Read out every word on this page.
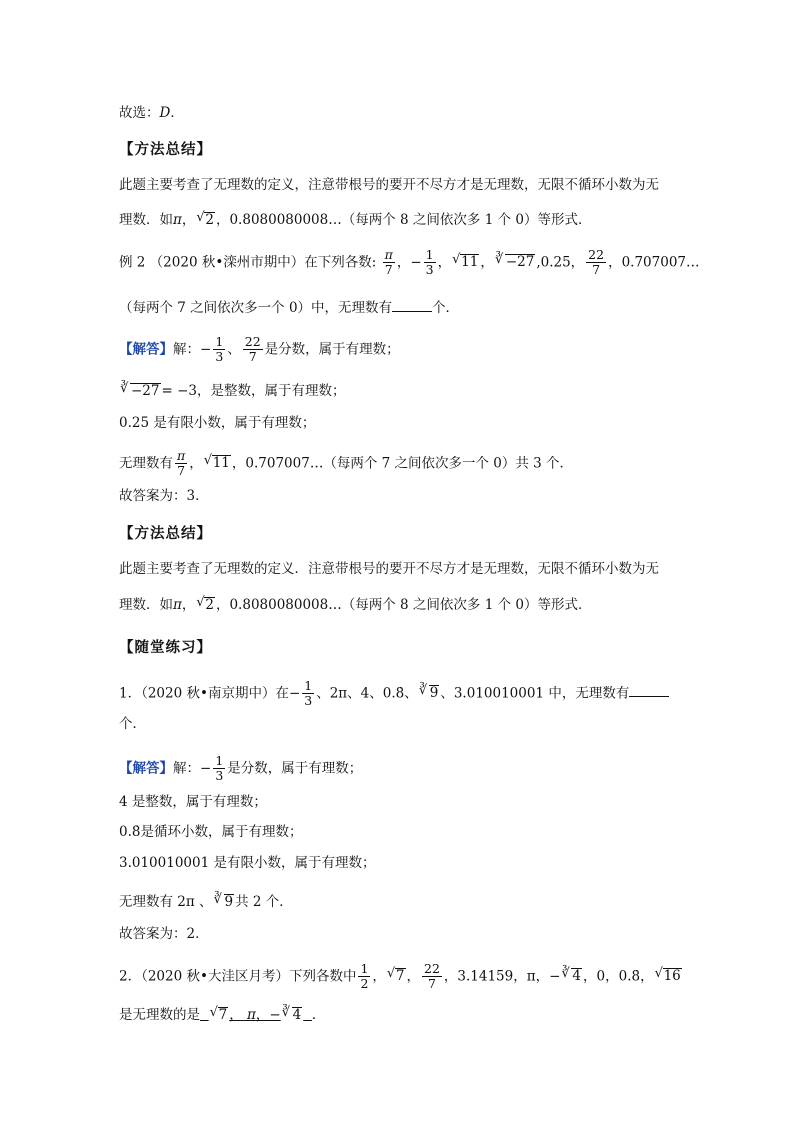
故选：D．
【方法总结】
此题主要考查了无理数的定义，注意带根号的要开不尽方才是无理数，无限不循环小数为无
理数．如π， √ 2 ，0.8080080008…（每两个 8 之间依次多 1 个 0）等形式．
例 2 （2020 秋•滦州市期中）在下列各数: $\frac{\pi}{7}$ ，− $\frac{1}{3}$ ， √ 11 ， ∛ −27 ,0.25， $\frac{22}{7}$ ，0.707007…
（每两个 7 之间依次多一个 0）中，无理数有	个．
【解答】解：− $\frac{1}{3}$ 、 $\frac{22}{7}$ 是分数，属于有理数；
∛ −27 = −3，是整数，属于有理数；
0.25 是有限小数，属于有理数；
无理数有 $\frac{\pi}{7}$ ， √ 11 ，0.707007…（每两个 7 之间依次多一个 0）共 3 个．
故答案为：3．
【方法总结】
此题主要考查了无理数的定义．注意带根号的要开不尽方才是无理数，无限不循环小数为无
理数．如π， √ 2 ，0.8080080008…（每两个 8 之间依次多 1 个 0）等形式．
【随堂练习】
1．（2020 秋•南京期中）在− $\frac{1}{3}$ 、2π、4、0.8̇、 ∛ 9 、3.010010001 中，无理数有
个．
【解答】解：− $\frac{1}{3}$ 是分数，属于有理数；
4 是整数，属于有理数；
0.8̇是循环小数，属于有理数；
3.010010001 是有限小数，属于有理数；
无理数有 2π 、 ∛ 9 共 2 个．
故答案为：2．
2．（2020 秋•大洼区月考）下列各数中 $\frac{1}{2}$ ， √ 7 ， $\frac{22}{7}$ ，3.14159，π，− ∛ 4 ，0，0.8̇， √ 16
是无理数的是 √ 7 ， π，− ∛ 4 ．
